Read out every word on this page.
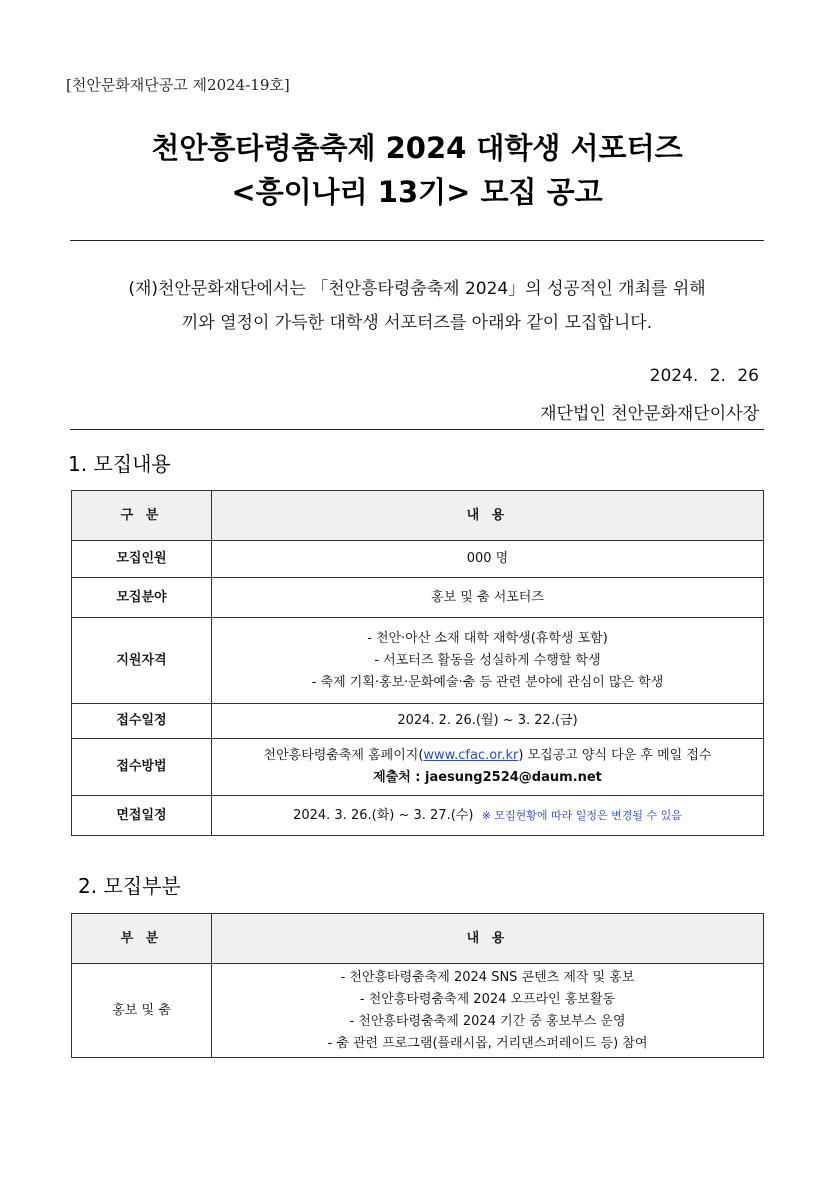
[천안문화재단공고 제2024-19호]
천안흥타령춤축제 2024 대학생 서포터즈
<흥이나리 13기> 모집 공고
(재)천안문화재단에서는 「천안흥타령춤축제 2024」의 성공적인 개최를 위해
끼와 열정이 가득한 대학생 서포터즈를 아래와 같이 모집합니다.
2024. 2. 26
재단법인 천안문화재단이사장
1. 모집내용
구 분	내 용
모집인원	000 명
모집분야	홍보 및 춤 서포터즈
지원자격	- 천안·아산 소재 대학 재학생(휴학생 포함)
- 서포터즈 활동을 성실하게 수행할 학생
- 축제 기획·홍보·문화예술·춤 등 관련 분야에 관심이 많은 학생

접수일정	2024. 2. 26.(월) ~ 3. 22.(금)
접수방법	천안흥타령춤축제 홈페이지(www.cfac.or.kr) 모집공고 양식 다운 후 메일 접수
제출처 : jaesung2524@daum.net

면접일정	2024. 3. 26.(화) ~ 3. 27.(수) ※ 모집현황에 따라 일정은 변경될 수 있음
2. 모집부분
부 분	내 용
홍보 및 춤	- 천안흥타령춤축제 2024 SNS 콘텐츠 제작 및 홍보
- 천안흥타령춤축제 2024 오프라인 홍보활동
- 천안흥타령춤축제 2024 기간 중 홍보부스 운영
- 춤 관련 프로그램(플래시몹, 거리댄스퍼레이드 등) 참여
